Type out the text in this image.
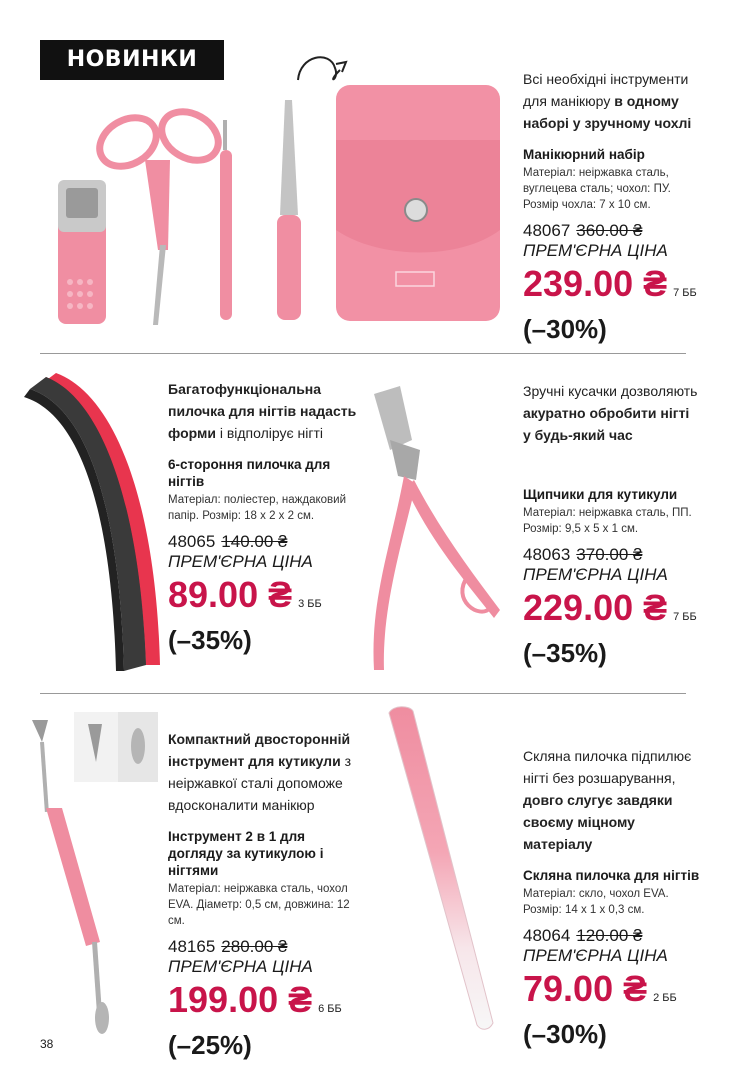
НОВИНКИ
Всі необхідні інструменти для манікюру в одному наборі у зручному чохлі
Манікюрний набір
Матеріал: неіржавка сталь, вуглецева сталь; чохол: ПУ. Розмір чохла: 7 x 10 см.
48067 360.00 ₴
ПРЕМ'ЄРНА ЦІНА
239.00 ₴ 7 ББ
(–30%)
Багатофункціональна пилочка для нігтів надасть форми і відполірує нігті
6-стороння пилочка для нігтів
Матеріал: поліестер, наждаковий папір. Розмір: 18 x 2 x 2 см.
48065 140.00 ₴
ПРЕМ'ЄРНА ЦІНА
89.00 ₴ 3 ББ
(–35%)
Зручні кусачки дозволяють акуратно обробити нігті у будь-який час
Щипчики для кутикули
Матеріал: неіржавка сталь, ПП. Розмір: 9,5 x 5 x 1 см.
48063 370.00 ₴
ПРЕМ'ЄРНА ЦІНА
229.00 ₴ 7 ББ
(–35%)
Компактний двосторонній інструмент для кутикули з неіржавкої сталі допоможе вдосконалити манікюр
Інструмент 2 в 1 для догляду за кутикулою і нігтями
Матеріал: неіржавка сталь, чохол EVA. Діаметр: 0,5 см, довжина: 12 см.
48165 280.00 ₴
ПРЕМ'ЄРНА ЦІНА
199.00 ₴ 6 ББ
(–25%)
Скляна пилочка підпилює нігті без розшарування, довго слугує завдяки своєму міцному матеріалу
Скляна пилочка для нігтів
Матеріал: скло, чохол EVA. Розмір: 14 x 1 x 0,3 см.
48064 120.00 ₴
ПРЕМ'ЄРНА ЦІНА
79.00 ₴ 2 ББ
(–30%)
38
